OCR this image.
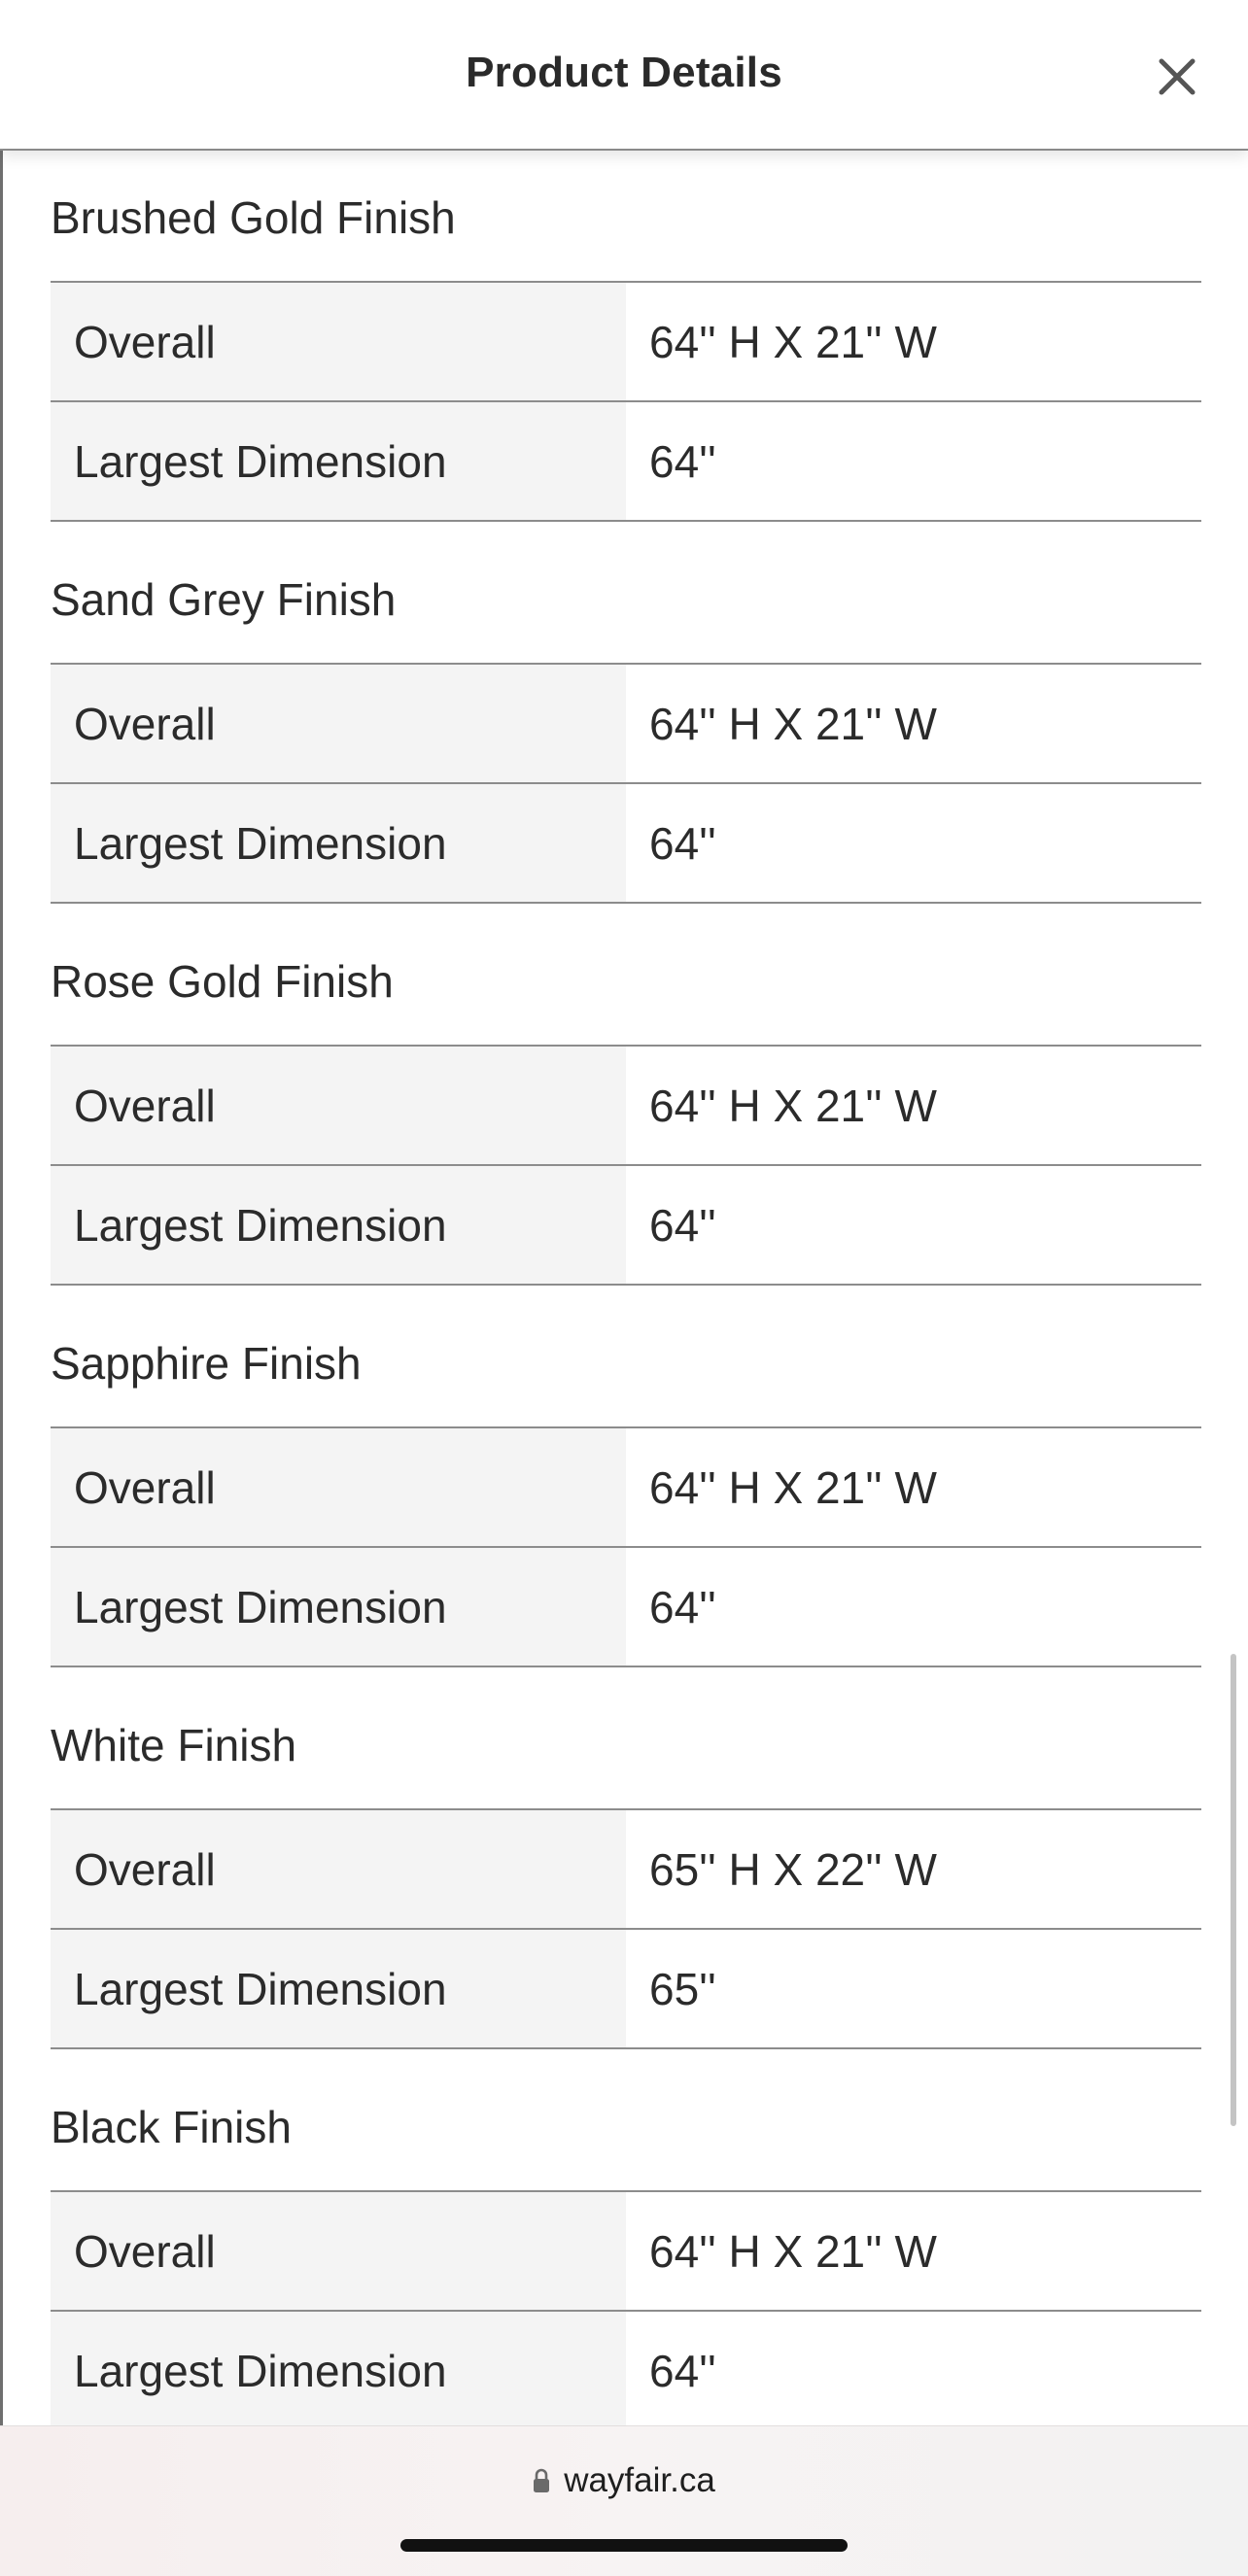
Product Details
Brushed Gold Finish
Overall	64'' H X 21'' W
Largest Dimension	64''
Sand Grey Finish
Overall	64'' H X 21'' W
Largest Dimension	64''
Rose Gold Finish
Overall	64'' H X 21'' W
Largest Dimension	64''
Sapphire Finish
Overall	64'' H X 21'' W
Largest Dimension	64''
White Finish
Overall	65'' H X 22'' W
Largest Dimension	65''
Black Finish
Overall	64'' H X 21'' W
Largest Dimension	64''
wayfair.ca
